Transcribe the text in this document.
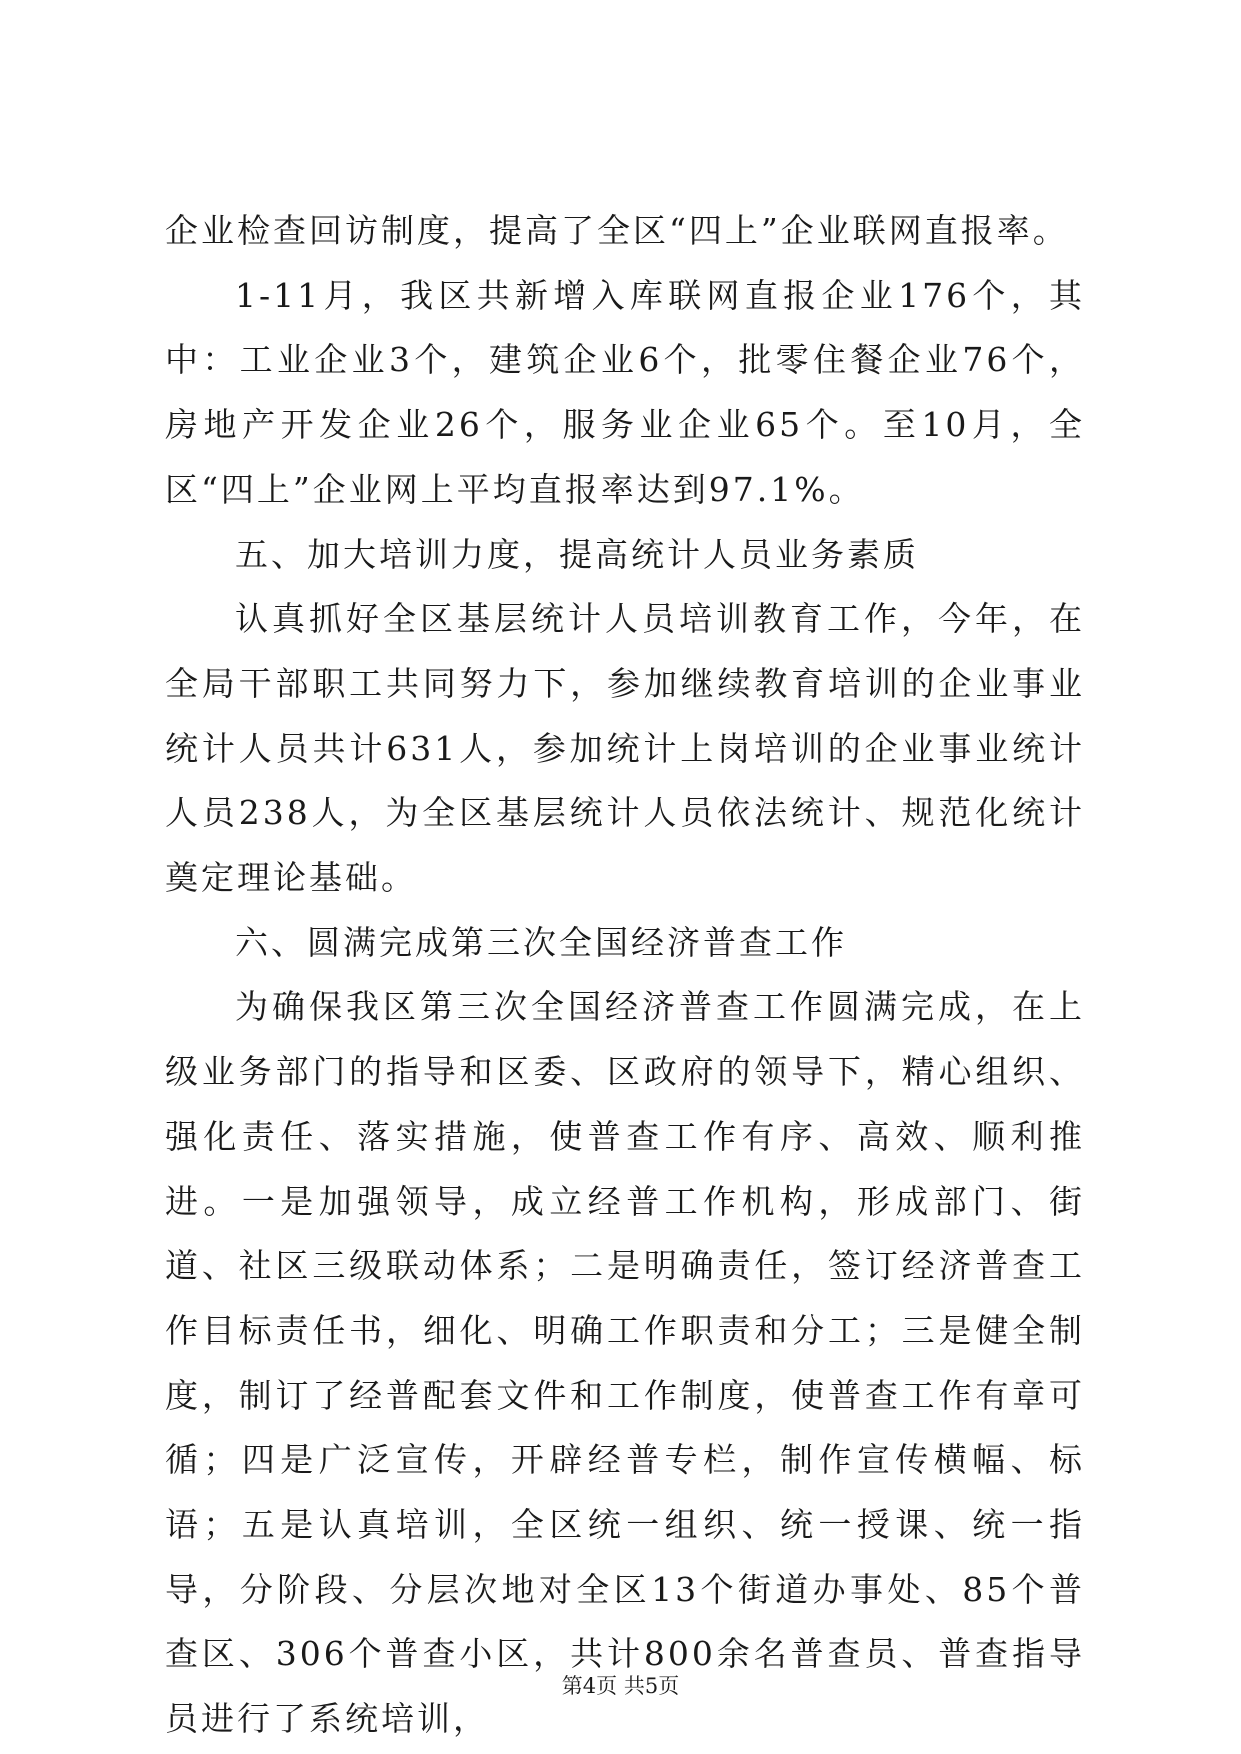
企业检查回访制度，提高了全区“四上”企业联网直报率。

1-11月，我区共新增入库联网直报企业176个，其中：工业企业3个，建筑企业6个，批零住餐企业76个，房地产开发企业26个，服务业企业65个。至10月，全区“四上”企业网上平均直报率达到97.1%。

五、加大培训力度，提高统计人员业务素质

认真抓好全区基层统计人员培训教育工作，今年，在全局干部职工共同努力下，参加继续教育培训的企业事业统计人员共计631人，参加统计上岗培训的企业事业统计人员238人，为全区基层统计人员依法统计、规范化统计奠定理论基础。

六、圆满完成第三次全国经济普查工作

为确保我区第三次全国经济普查工作圆满完成，在上级业务部门的指导和区委、区政府的领导下，精心组织、强化责任、落实措施，使普查工作有序、高效、顺利推进。一是加强领导，成立经普工作机构，形成部门、街道、社区三级联动体系；二是明确责任，签订经济普查工作目标责任书，细化、明确工作职责和分工；三是健全制度，制订了经普配套文件和工作制度，使普查工作有章可循；四是广泛宣传，开辟经普专栏，制作宣传横幅、标语；五是认真培训，全区统一组织、统一授课、统一指导，分阶段、分层次地对全区13个街道办事处、85个普查区、306个普查小区，共计800余名普查员、普查指导员进行了系统培训，

第4页 共5页
